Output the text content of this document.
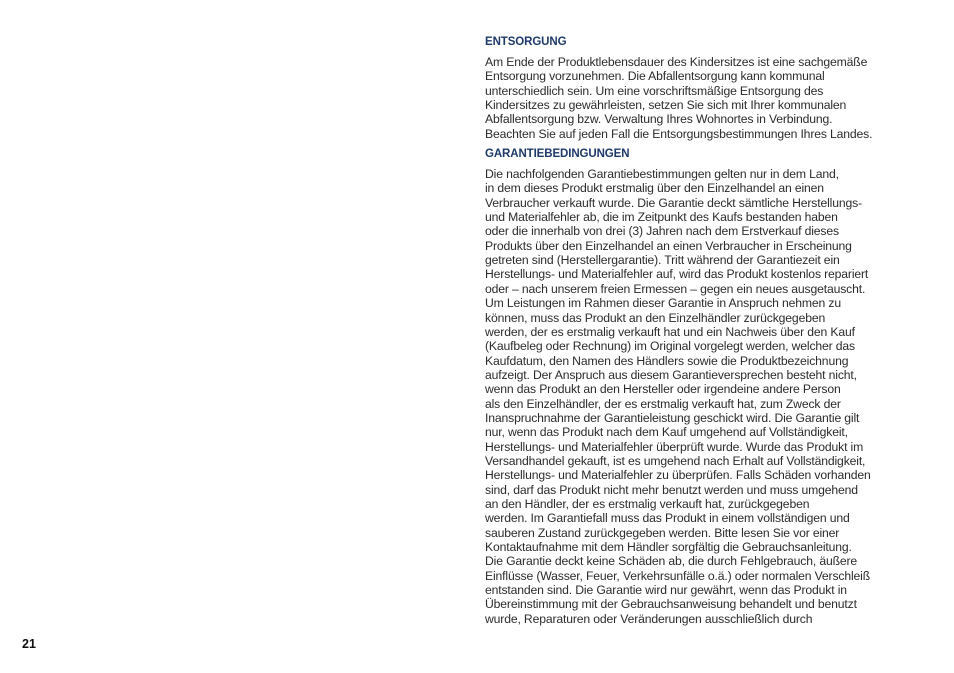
ENTSORGUNG
Am Ende der Produktlebensdauer des Kindersitzes ist eine sachgemäße
Entsorgung vorzunehmen. Die Abfallentsorgung kann kommunal
unterschiedlich sein. Um eine vorschriftsmäßige Entsorgung des
Kindersitzes zu gewährleisten, setzen Sie sich mit Ihrer kommunalen
Abfallentsorgung bzw. Verwaltung Ihres Wohnortes in Verbindung.
Beachten Sie auf jeden Fall die Entsorgungsbestimmungen Ihres Landes.
GARANTIEBEDINGUNGEN
Die nachfolgenden Garantiebestimmungen gelten nur in dem Land,
in dem dieses Produkt erstmalig über den Einzelhandel an einen
Verbraucher verkauft wurde. Die Garantie deckt sämtliche Herstellungs-
und Materialfehler ab, die im Zeitpunkt des Kaufs bestanden haben
oder die innerhalb von drei (3) Jahren nach dem Erstverkauf dieses
Produkts über den Einzelhandel an einen Verbraucher in Erscheinung
getreten sind (Herstellergarantie). Tritt während der Garantiezeit ein
Herstellungs- und Materialfehler auf, wird das Produkt kostenlos repariert
oder – nach unserem freien Ermessen – gegen ein neues ausgetauscht.
Um Leistungen im Rahmen dieser Garantie in Anspruch nehmen zu
können, muss das Produkt an den Einzelhändler zurückgegeben
werden, der es erstmalig verkauft hat und ein Nachweis über den Kauf
(Kaufbeleg oder Rechnung) im Original vorgelegt werden, welcher das
Kaufdatum, den Namen des Händlers sowie die Produktbezeichnung
aufzeigt. Der Anspruch aus diesem Garantieversprechen besteht nicht,
wenn das Produkt an den Hersteller oder irgendeine andere Person
als den Einzelhändler, der es erstmalig verkauft hat, zum Zweck der
Inanspruchnahme der Garantieleistung geschickt wird. Die Garantie gilt
nur, wenn das Produkt nach dem Kauf umgehend auf Vollständigkeit,
Herstellungs- und Materialfehler überprüft wurde. Wurde das Produkt im
Versandhandel gekauft, ist es umgehend nach Erhalt auf Vollständigkeit,
Herstellungs- und Materialfehler zu überprüfen. Falls Schäden vorhanden
sind, darf das Produkt nicht mehr benutzt werden und muss umgehend
an den Händler, der es erstmalig verkauft hat, zurückgegeben
werden. Im Garantiefall muss das Produkt in einem vollständigen und
sauberen Zustand zurückgegeben werden. Bitte lesen Sie vor einer
Kontaktaufnahme mit dem Händler sorgfältig die Gebrauchsanleitung.
Die Garantie deckt keine Schäden ab, die durch Fehlgebrauch, äußere
Einflüsse (Wasser, Feuer, Verkehrsunfälle o.ä.) oder normalen Verschleiß
entstanden sind. Die Garantie wird nur gewährt, wenn das Produkt in
Übereinstimmung mit der Gebrauchsanweisung behandelt und benutzt
wurde, Reparaturen oder Veränderungen ausschließlich durch
21
